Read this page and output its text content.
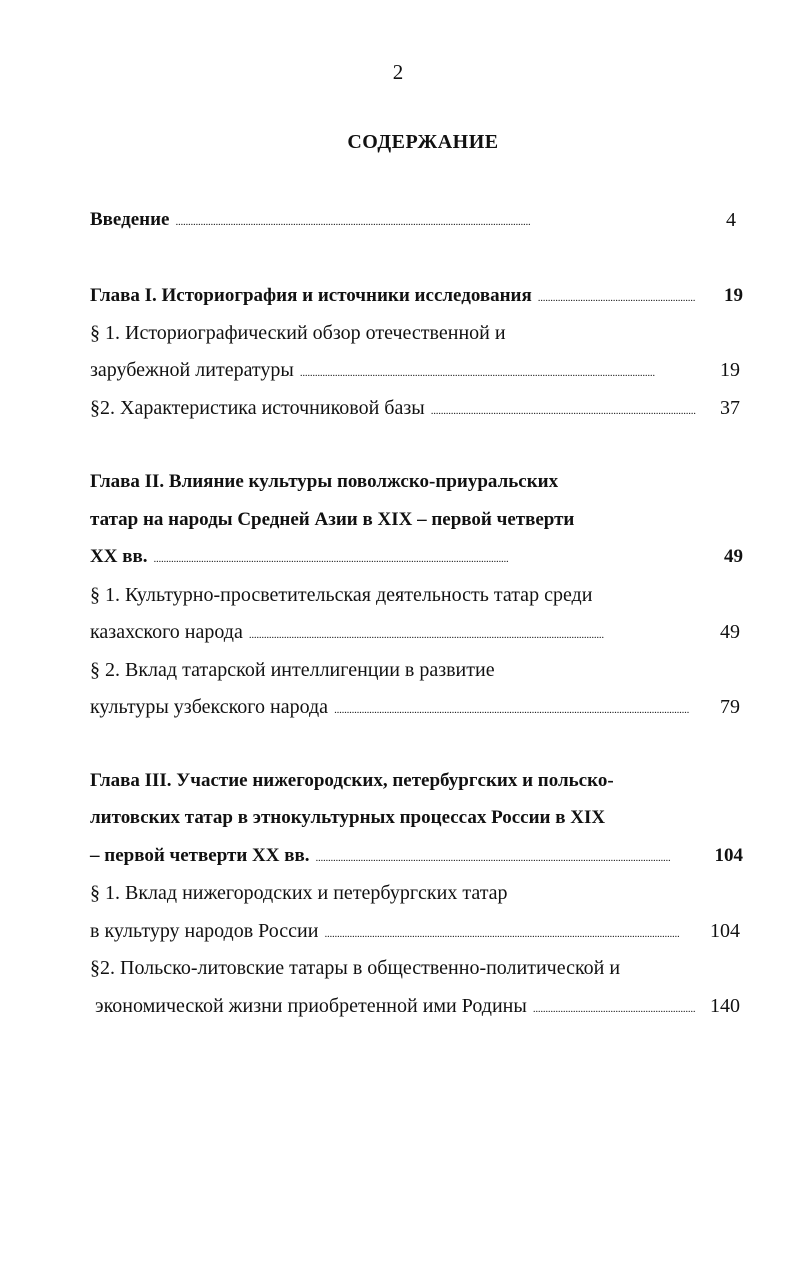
2
СОДЕРЖАНИЕ
Введение . . .	4
Глава I. Историография и источники исследования . . .	19
§ 1. Историографический обзор отечественной и
зарубежной литературы . . .	19
§2. Характеристика источниковой базы . . .	37
Глава II. Влияние культуры поволжско-приуральских
татар на народы Средней Азии в XIX – первой четверти
XX вв. . . .	49
§ 1. Культурно-просветительская деятельность татар среди
казахского народа . . .	49
§ 2. Вклад татарской интеллигенции в развитие
культуры узбекского народа . . .	79
Глава III. Участие нижегородских, петербургских и польско-
литовских татар в этнокультурных процессах России в XIX
– первой четверти XX вв. . . .	104
§ 1. Вклад нижегородских и петербургских татар
в культуру народов России . . .	104
§2. Польско-литовские татары в общественно-политической и
экономической жизни приобретенной ими Родины . . .	140
